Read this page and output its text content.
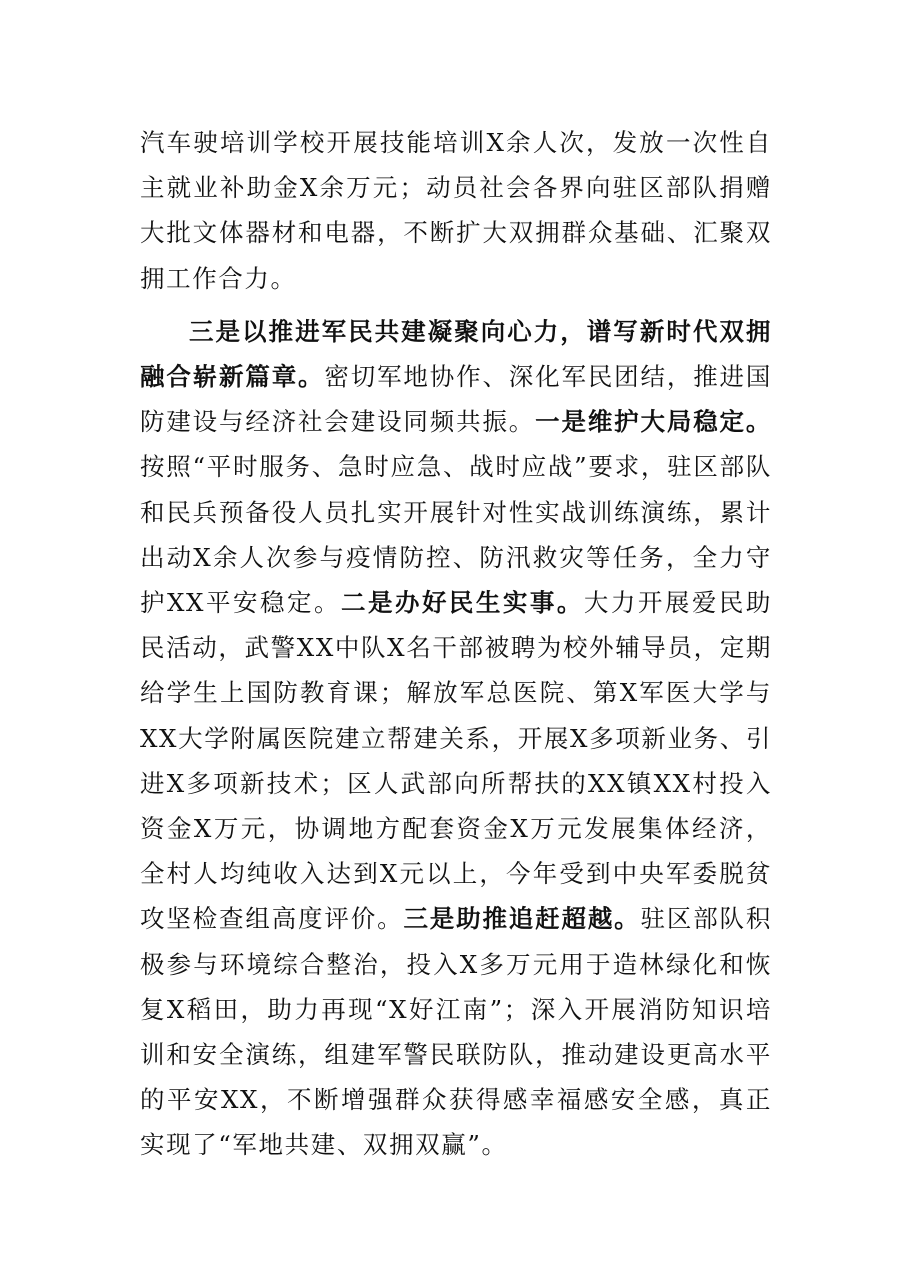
汽车驶培训学校开展技能培训X余人次，发放一次性自主就业补助金X余万元；动员社会各界向驻区部队捐赠大批文体器材和电器，不断扩大双拥群众基础、汇聚双拥工作合力。

三是以推进军民共建凝聚向心力，谱写新时代双拥融合崭新篇章。密切军地协作、深化军民团结，推进国防建设与经济社会建设同频共振。一是维护大局稳定。按照“平时服务、急时应急、战时应战”要求，驻区部队和民兵预备役人员扎实开展针对性实战训练演练，累计出动X余人次参与疫情防控、防汛救灾等任务，全力守护XX平安稳定。二是办好民生实事。大力开展爱民助民活动，武警XX中队X名干部被聘为校外辅导员，定期给学生上国防教育课；解放军总医院、第X军医大学与XX大学附属医院建立帮建关系，开展X多项新业务、引进X多项新技术；区人武部向所帮扶的XX镇XX村投入资金X万元，协调地方配套资金X万元发展集体经济，全村人均纯收入达到X元以上，今年受到中央军委脱贫攻坚检查组高度评价。三是助推追赶超越。驻区部队积极参与环境综合整治，投入X多万元用于造林绿化和恢复X稻田，助力再现“X好江南”；深入开展消防知识培训和安全演练，组建军警民联防队，推动建设更高水平的平安XX，不断增强群众获得感幸福感安全感，真正实现了“军地共建、双拥双赢”。
